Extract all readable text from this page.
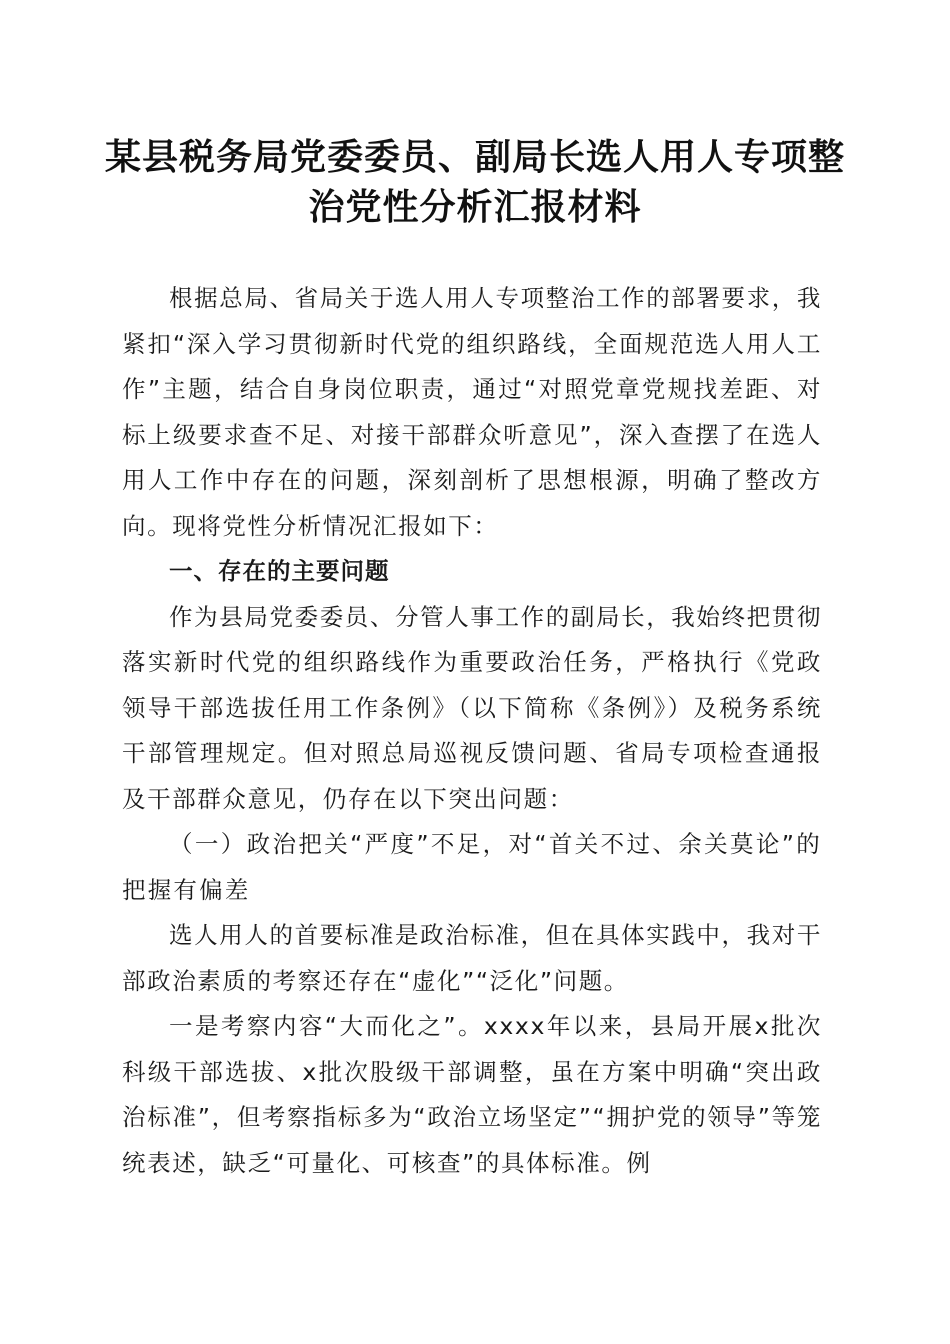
某县税务局党委委员、副局长选人用人专项整治党性分析汇报材料

根据总局、省局关于选人用人专项整治工作的部署要求，我紧扣“深入学习贯彻新时代党的组织路线，全面规范选人用人工作”主题，结合自身岗位职责，通过“对照党章党规找差距、对标上级要求查不足、对接干部群众听意见”，深入查摆了在选人用人工作中存在的问题，深刻剖析了思想根源，明确了整改方向。现将党性分析情况汇报如下：

一、存在的主要问题

作为县局党委委员、分管人事工作的副局长，我始终把贯彻落实新时代党的组织路线作为重要政治任务，严格执行《党政领导干部选拔任用工作条例》（以下简称《条例》）及税务系统干部管理规定。但对照总局巡视反馈问题、省局专项检查通报及干部群众意见，仍存在以下突出问题：

（一）政治把关“严度”不足，对“首关不过、余关莫论”的把握有偏差

选人用人的首要标准是政治标准，但在具体实践中，我对干部政治素质的考察还存在“虚化”“泛化”问题。

一是考察内容“大而化之”。xxxx年以来，县局开展x批次科级干部选拔、x批次股级干部调整，虽在方案中明确“突出政治标准”，但考察指标多为“政治立场坚定”“拥护党的领导”等笼统表述，缺乏“可量化、可核查”的具体标准。例
